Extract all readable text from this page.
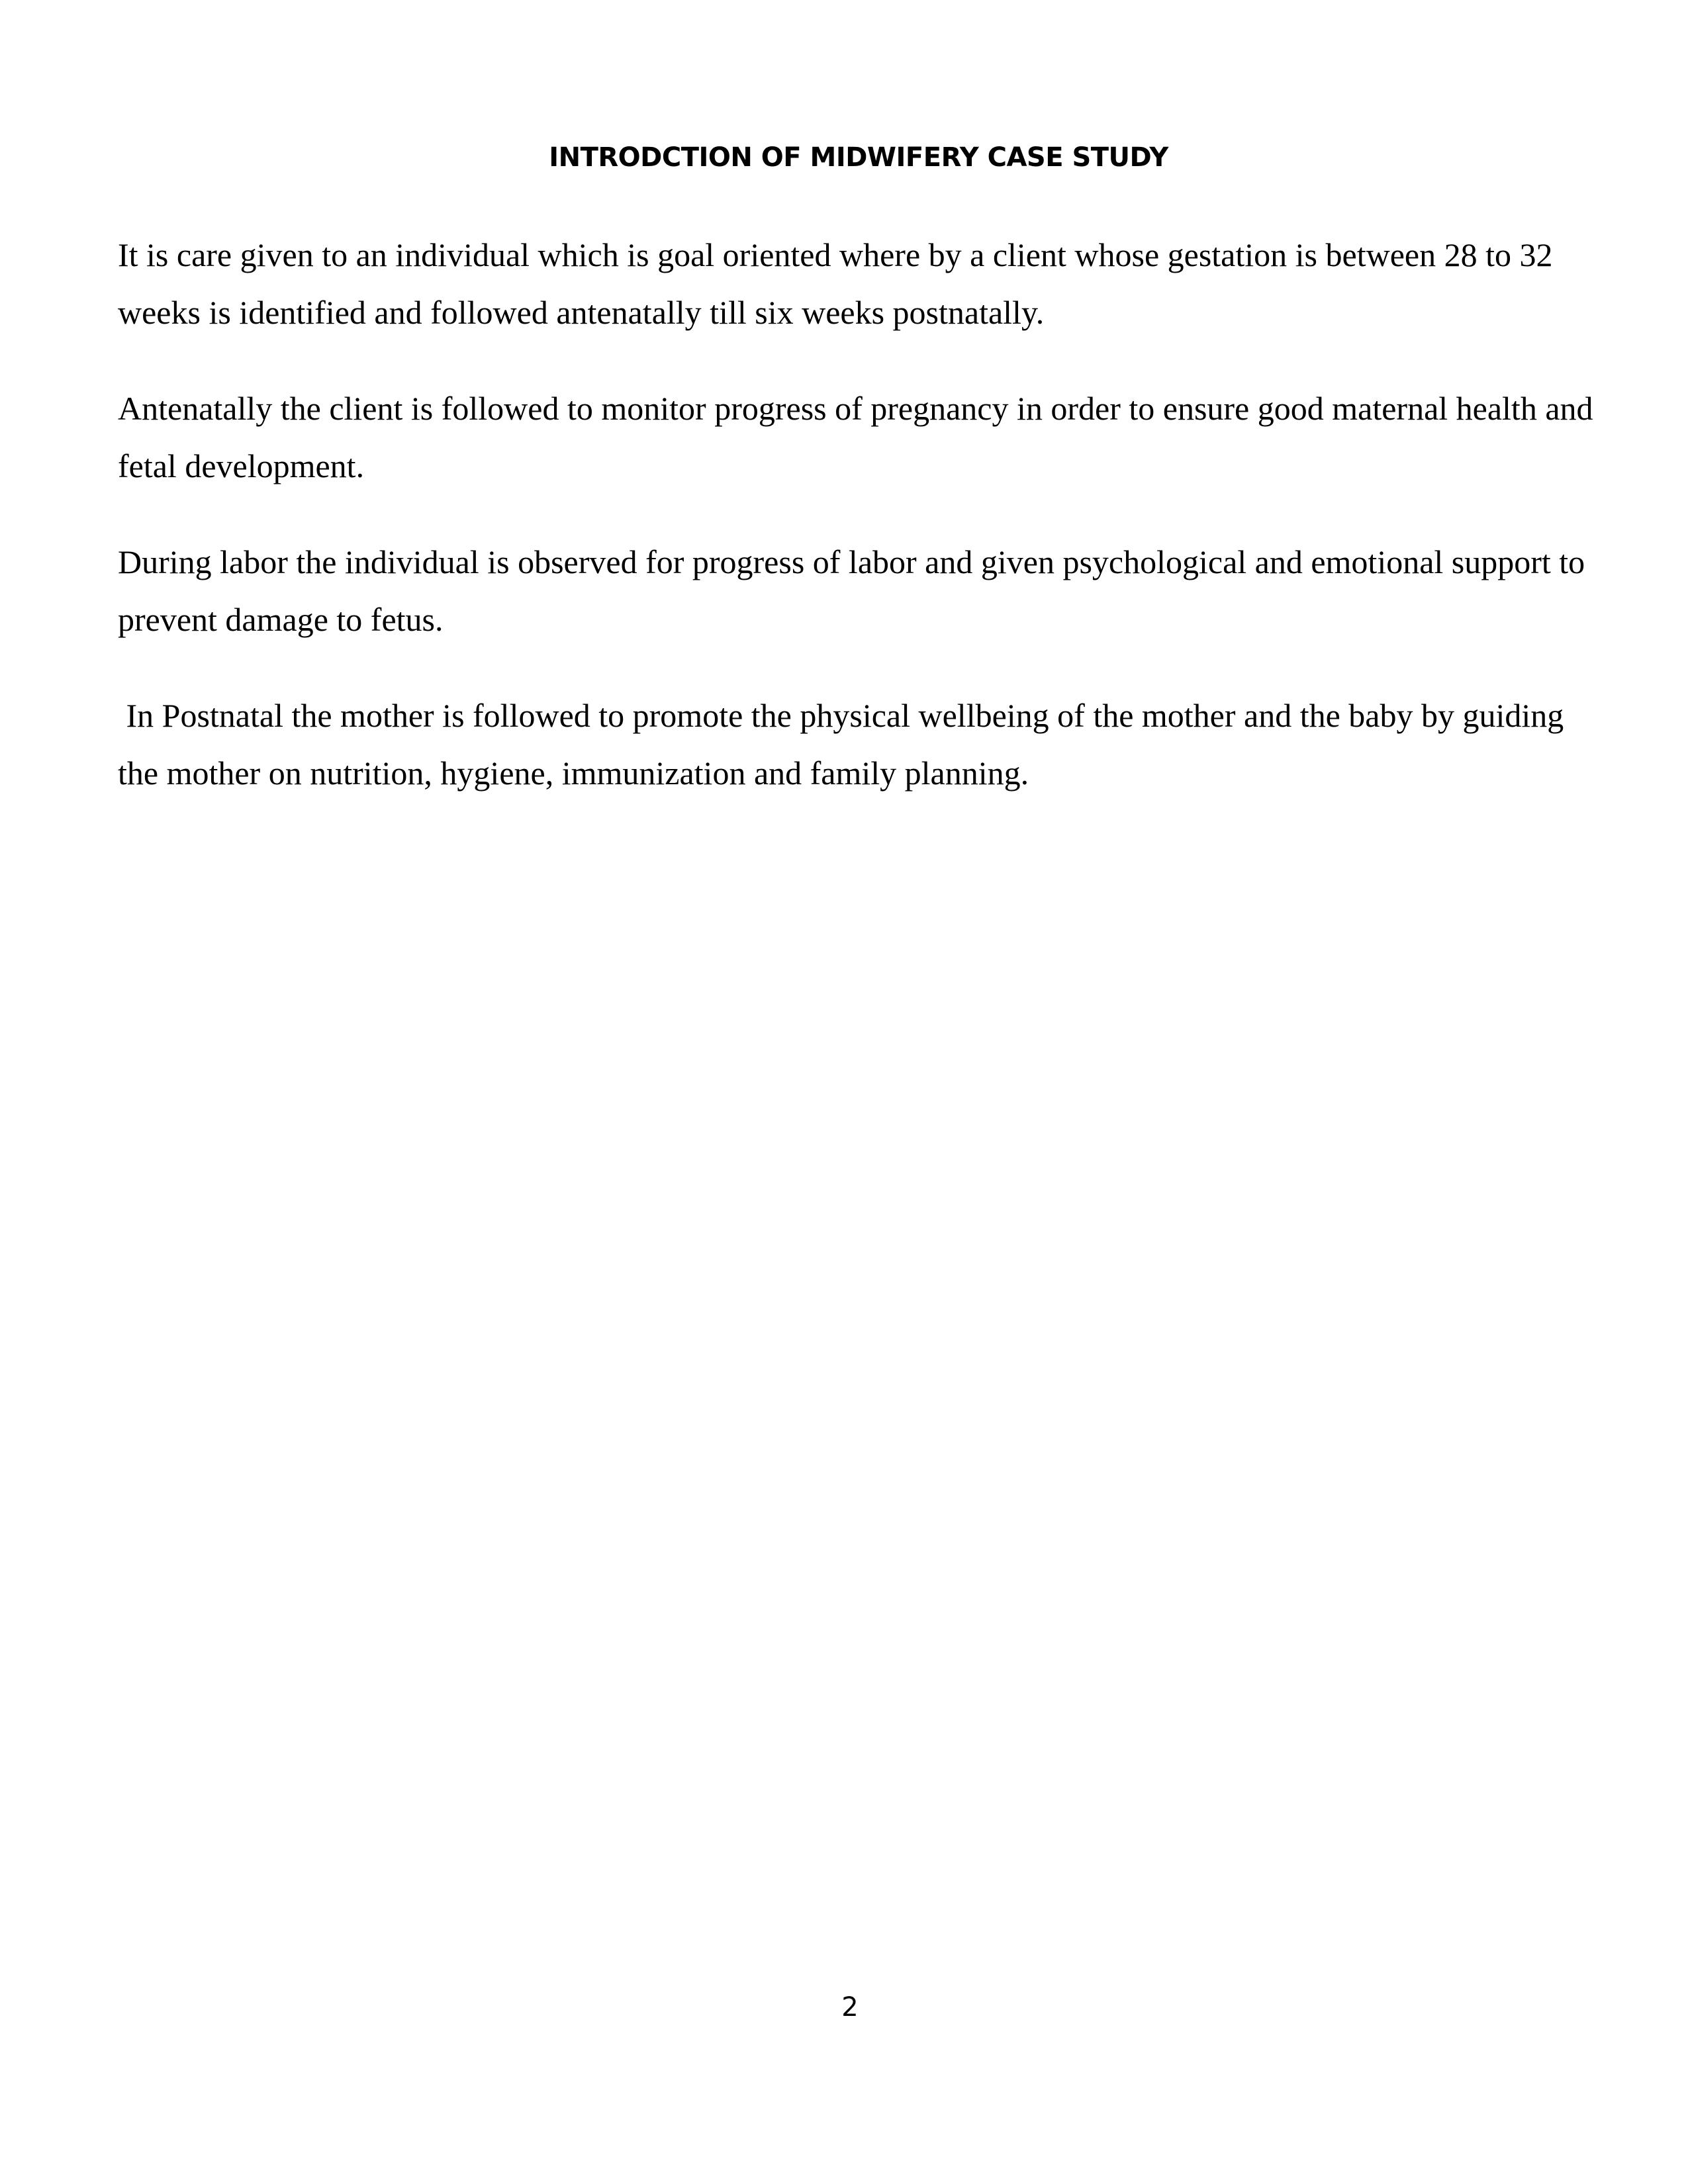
INTRODCTION OF MIDWIFERY CASE STUDY

It is care given to an individual which is goal oriented where by a client whose gestation is between 28 to 32
weeks is identified and followed antenatally till six weeks postnatally.

Antenatally the client is followed to monitor progress of pregnancy in order to ensure good maternal health and
fetal development.

During labor the individual is observed for progress of labor and given psychological and emotional support to
prevent damage to fetus.

In Postnatal the mother is followed to promote the physical wellbeing of the mother and the baby by guiding
the mother on nutrition, hygiene, immunization and family planning.

2
